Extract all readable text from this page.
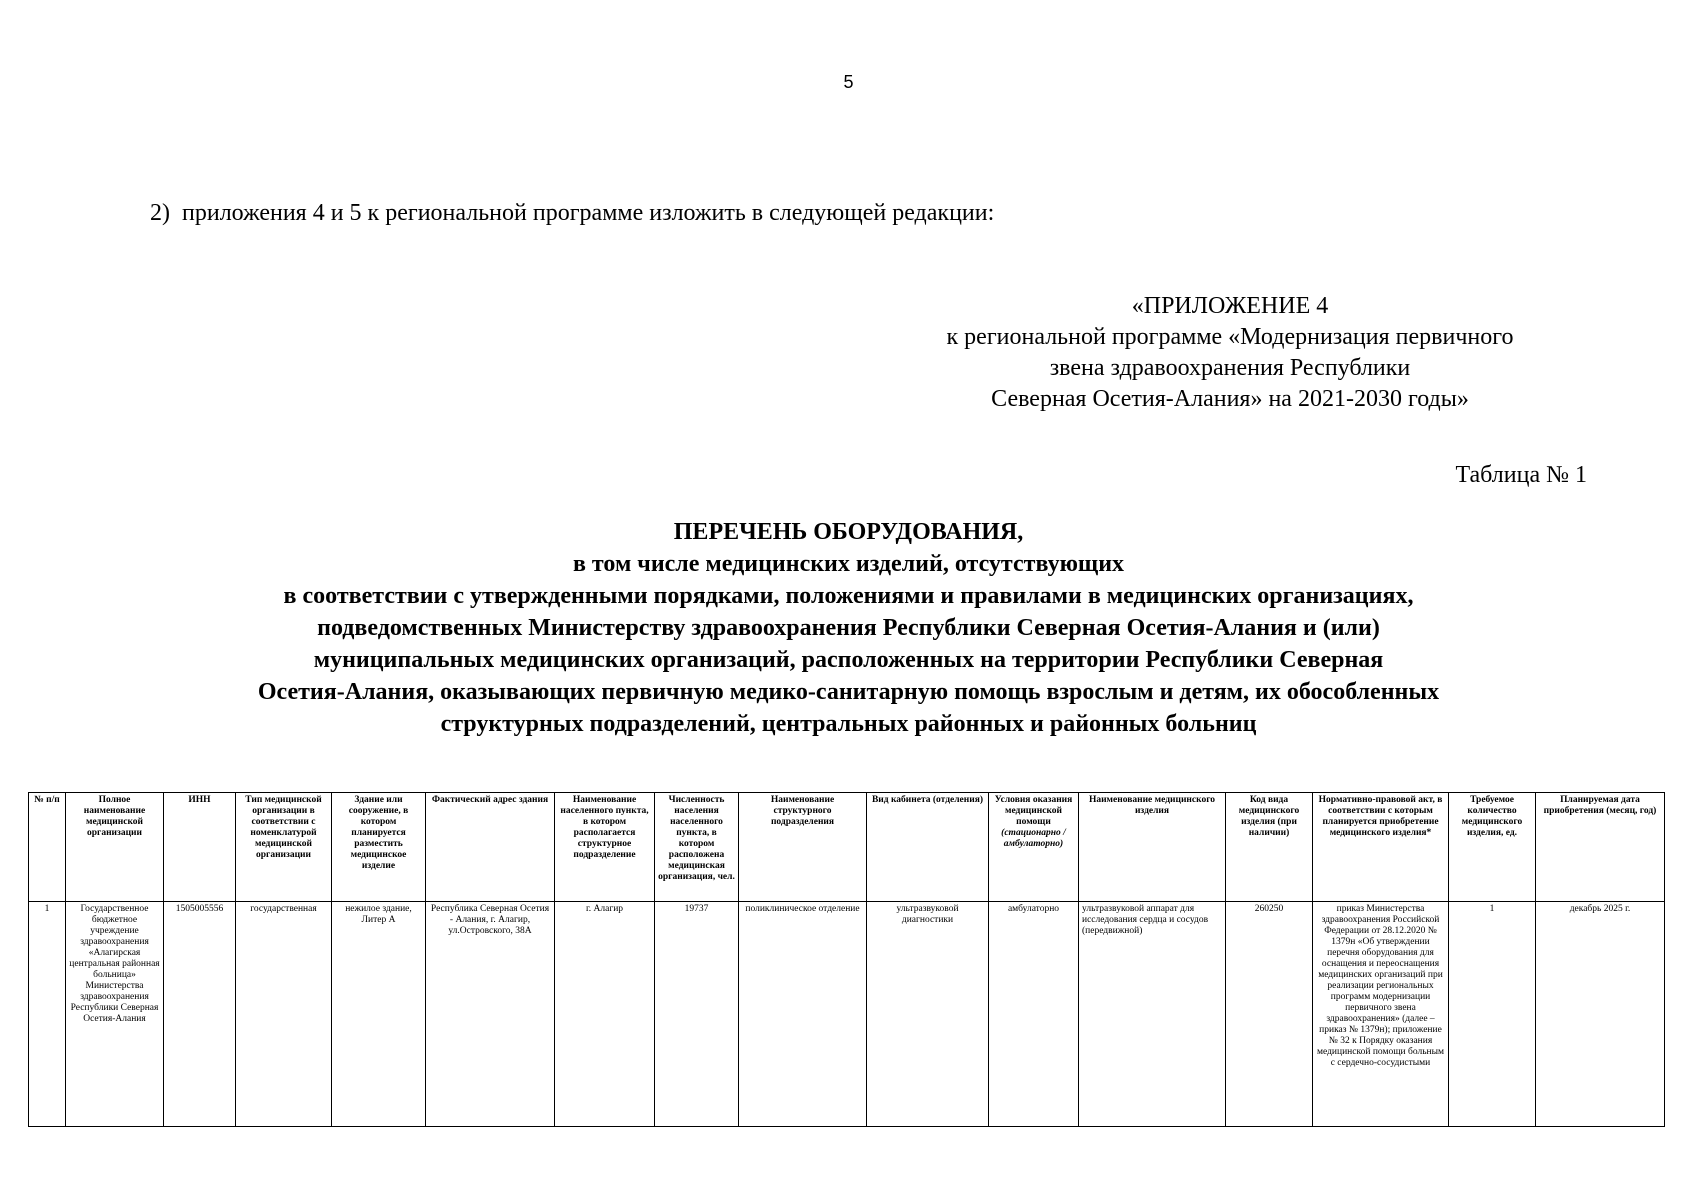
5
2) приложения 4 и 5 к региональной программе изложить в следующей редакции:
«ПРИЛОЖЕНИЕ 4
к региональной программе «Модернизация первичного
звена здравоохранения Республики
Северная Осетия-Алания» на 2021-2030 годы»
Таблица № 1
ПЕРЕЧЕНЬ ОБОРУДОВАНИЯ,
в том числе медицинских изделий, отсутствующих
в соответствии с утвержденными порядками, положениями и правилами в медицинских организациях,
подведомственных Министерству здравоохранения Республики Северная Осетия-Алания и (или)
муниципальных медицинских организаций, расположенных на территории Республики Северная
Осетия-Алания, оказывающих первичную медико-санитарную помощь взрослым и детям, их обособленных
структурных подразделений, центральных районных и районных больниц
№ п/п	Полное наименование медицинской организации	ИНН	Тип медицинской организации в соответствии с номенклатурой медицинской организации	Здание или сооружение, в котором планируется разместить медицинское изделие	Фактический адрес здания	Наименование населенного пункта, в котором располагается структурное подразделение	Численность населения населенного пункта, в котором расположена медицинская организация, чел.	Наименование структурного подразделения	Вид кабинета (отделения)	Условия оказания медицинской помощи
(стационарно /амбулаторно)	Наименование медицинского изделия	Код вида медицинского изделия (при наличии)	Нормативно-правовой акт, в соответствии с которым планируется приобретение медицинского изделия*	Требуемое количество медицинского изделия, ед.	Планируемая дата приобретения (месяц, год)
1	Государственное бюджетное учреждение здравоохранения «Алагирская центральная районная больница» Министерства здравоохранения Республики Северная Осетия-Алания	1505005556	государственная	нежилое здание, Литер А	Республика Северная Осетия - Алания, г. Алагир, ул.Островского, 38А	г. Алагир	19737	поликлиническое отделение	ультразвуковой диагностики	амбулаторно	ультразвуковой аппарат для исследования сердца и сосудов (передвижной)	260250	приказ Министерства здравоохранения Российской Федерации от 28.12.2020 № 1379н «Об утверждении перечня оборудования для оснащения и переоснащения медицинских организаций при реализации региональных программ модернизации первичного звена здравоохранения» (далее – приказ № 1379н); приложение № 32 к Порядку оказания медицинской помощи больным с сердечно-сосудистыми	1	декабрь 2025 г.
